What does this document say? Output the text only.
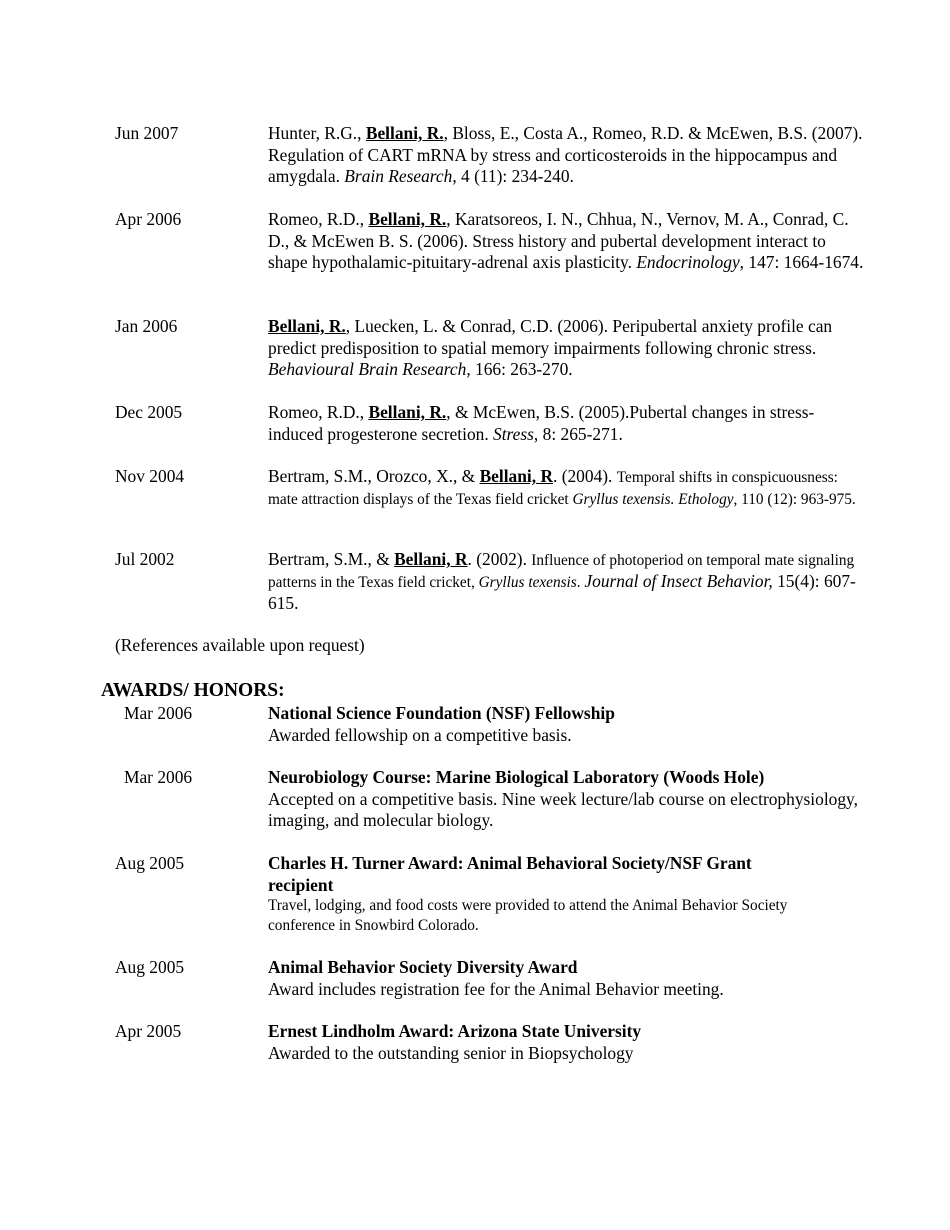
Jun 2007	Hunter, R.G., Bellani, R., Bloss, E., Costa A., Romeo, R.D. & McEwen, B.S. (2007). Regulation of CART mRNA by stress and corticosteroids in the hippocampus and amygdala. Brain Research, 4 (11): 234-240.
Apr 2006	Romeo, R.D., Bellani, R., Karatsoreos, I. N., Chhua, N., Vernov, M. A., Conrad, C. D., & McEwen B. S. (2006). Stress history and pubertal development interact to shape hypothalamic-pituitary-adrenal axis plasticity. Endocrinology, 147: 1664-1674.
Jan 2006	Bellani, R., Luecken, L. & Conrad, C.D. (2006). Peripubertal anxiety profile can predict predisposition to spatial memory impairments following chronic stress. Behavioural Brain Research, 166: 263-270.
Dec 2005	Romeo, R.D., Bellani, R., & McEwen, B.S. (2005).Pubertal changes in stress-induced progesterone secretion. Stress, 8: 265-271.
Nov 2004	Bertram, S.M., Orozco, X., & Bellani, R. (2004). Temporal shifts in conspicuousness: mate attraction displays of the Texas field cricket Gryllus texensis. Ethology, 110 (12): 963-975.
Jul 2002	Bertram, S.M., & Bellani, R. (2002). Influence of photoperiod on temporal mate signaling patterns in the Texas field cricket, Gryllus texensis. Journal of Insect Behavior, 15(4): 607-615.
(References available upon request)
AWARDS/ HONORS:
Mar 2006	National Science Foundation (NSF) Fellowship
Awarded fellowship on a competitive basis.
Mar 2006	Neurobiology Course: Marine Biological Laboratory (Woods Hole)
Accepted on a competitive basis. Nine week lecture/lab course on electrophysiology, imaging, and molecular biology.
Aug 2005	Charles H. Turner Award: Animal Behavioral Society/NSF Grant recipient
Travel, lodging, and food costs were provided to attend the Animal Behavior Society conference in Snowbird Colorado.
Aug 2005	Animal Behavior Society Diversity Award
Award includes registration fee for the Animal Behavior meeting.
Apr 2005	Ernest Lindholm Award: Arizona State University
Awarded to the outstanding senior in Biopsychology
